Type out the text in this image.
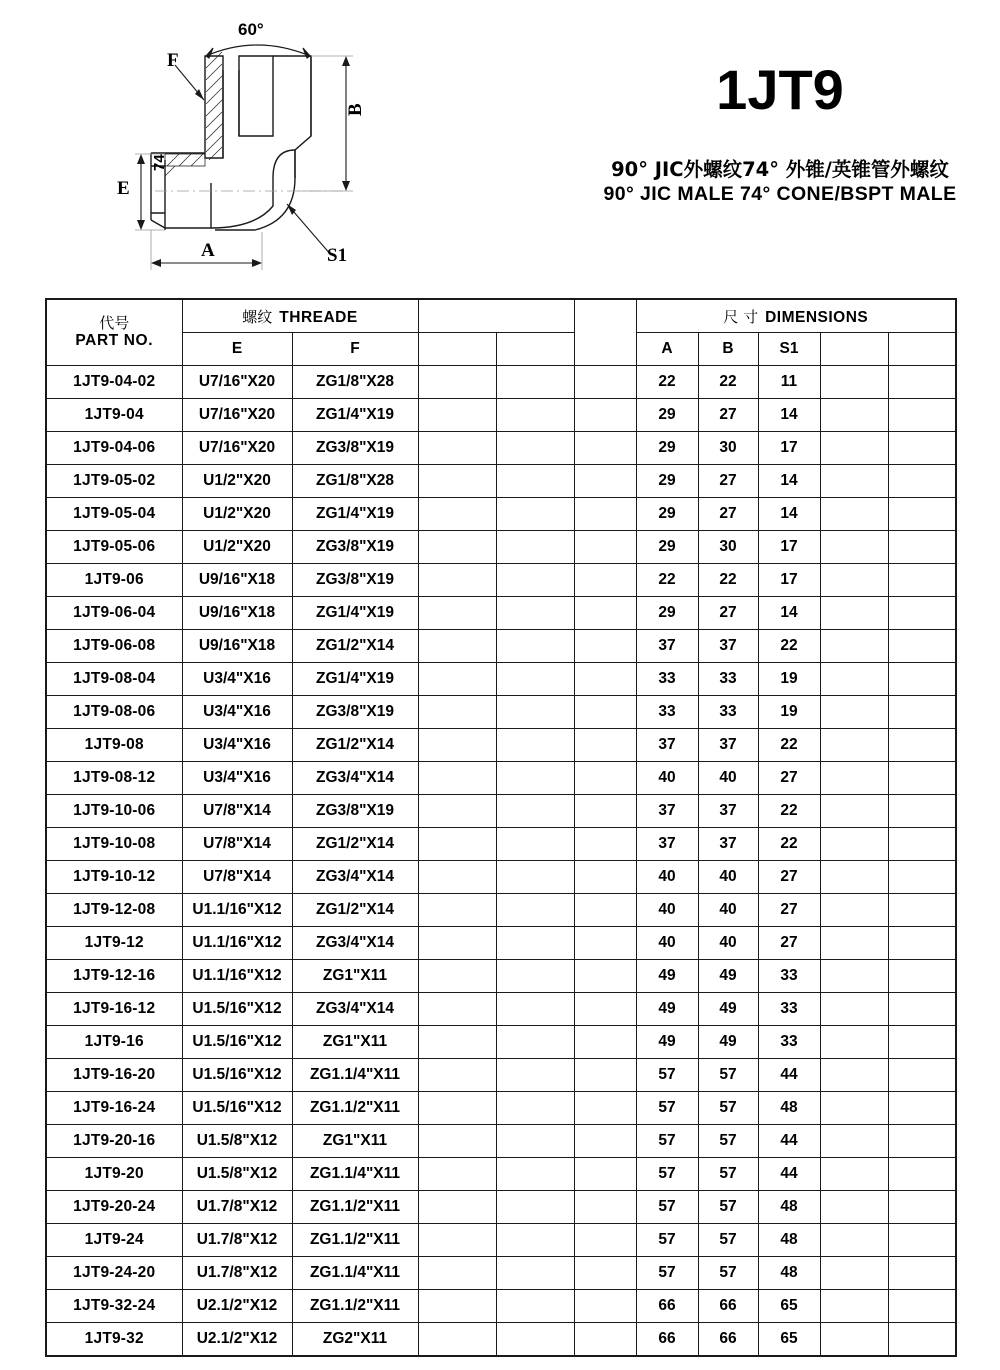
60°
F
E
74
B
A	S1
1JT9
90° JIC外螺纹74° 外锥/英锥管外螺纹
90° JIC MALE 74° CONE/BSPT MALE
代号
PART NO.	螺纹 THREADE					尺 寸 DIMENSIONS				
	E	F				A	B	S1		
1JT9-04-02	U7/16"X20	ZG1/8"X28				22	22	11		
1JT9-04	U7/16"X20	ZG1/4"X19				29	27	14		
1JT9-04-06	U7/16"X20	ZG3/8"X19				29	30	17		
1JT9-05-02	U1/2"X20	ZG1/8"X28				29	27	14		
1JT9-05-04	U1/2"X20	ZG1/4"X19				29	27	14		
1JT9-05-06	U1/2"X20	ZG3/8"X19				29	30	17		
1JT9-06	U9/16"X18	ZG3/8"X19				22	22	17		
1JT9-06-04	U9/16"X18	ZG1/4"X19				29	27	14		
1JT9-06-08	U9/16"X18	ZG1/2"X14				37	37	22		
1JT9-08-04	U3/4"X16	ZG1/4"X19				33	33	19		
1JT9-08-06	U3/4"X16	ZG3/8"X19				33	33	19		
1JT9-08	U3/4"X16	ZG1/2"X14				37	37	22		
1JT9-08-12	U3/4"X16	ZG3/4"X14				40	40	27		
1JT9-10-06	U7/8"X14	ZG3/8"X19				37	37	22		
1JT9-10-08	U7/8"X14	ZG1/2"X14				37	37	22		
1JT9-10-12	U7/8"X14	ZG3/4"X14				40	40	27		
1JT9-12-08	U1.1/16"X12	ZG1/2"X14				40	40	27		
1JT9-12	U1.1/16"X12	ZG3/4"X14				40	40	27		
1JT9-12-16	U1.1/16"X12	ZG1"X11				49	49	33		
1JT9-16-12	U1.5/16"X12	ZG3/4"X14				49	49	33		
1JT9-16	U1.5/16"X12	ZG1"X11				49	49	33		
1JT9-16-20	U1.5/16"X12	ZG1.1/4"X11				57	57	44		
1JT9-16-24	U1.5/16"X12	ZG1.1/2"X11				57	57	48		
1JT9-20-16	U1.5/8"X12	ZG1"X11				57	57	44		
1JT9-20	U1.5/8"X12	ZG1.1/4"X11				57	57	44		
1JT9-20-24	U1.7/8"X12	ZG1.1/2"X11				57	57	48		
1JT9-24	U1.7/8"X12	ZG1.1/2"X11				57	57	48		
1JT9-24-20	U1.7/8"X12	ZG1.1/4"X11				57	57	48		
1JT9-32-24	U2.1/2"X12	ZG1.1/2"X11				66	66	65		
1JT9-32	U2.1/2"X12	ZG2"X11				66	66	65		
